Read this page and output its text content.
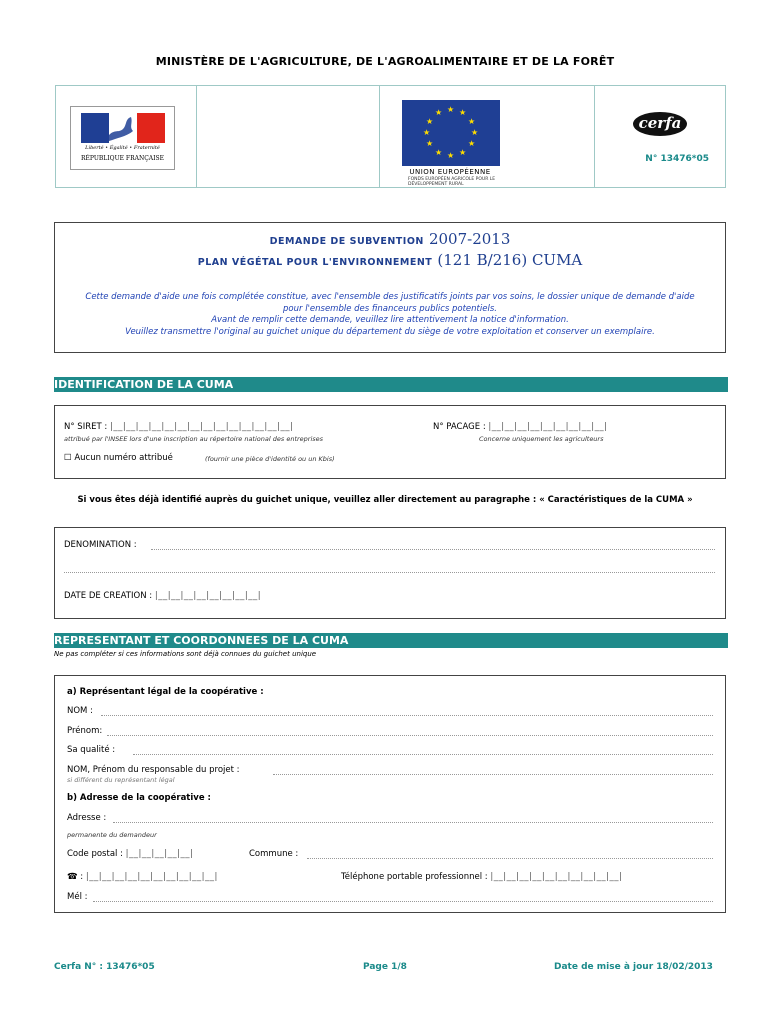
MINISTÈRE DE L'AGRICULTURE, DE L'AGROALIMENTAIRE ET DE LA FORÊT
Liberté • Égalité • Fraternité
RÉPUBLIQUE FRANÇAISE
★ ★
★
★
★
★
★
★
★
★
★
★
UNION EUROPÉENNE
FONDS EUROPÉEN AGRICOLE POUR LE DÉVELOPPEMENT RURAL
cerfa
N° 13476*05
DEMANDE DE SUBVENTION 2007-2013
PLAN VÉGÉTAL POUR L'ENVIRONNEMENT (121 B/216) CUMA
Cette demande d'aide une fois complétée constitue, avec l'ensemble des justificatifs joints par vos soins, le dossier unique de demande d'aide
pour l'ensemble des financeurs publics potentiels.
Avant de remplir cette demande, veuillez lire attentivement la notice d'information.
Veuillez transmettre l'original au guichet unique du département du siège de votre exploitation et conserver un exemplaire.
IDENTIFICATION DE LA CUMA
N° SIRET : |__|__|__|__|__|__|__|__|__|__|__|__|__|__|
attribué par l'INSEE lors d'une inscription au répertoire national des entreprises
N° PACAGE : |__|__|__|__|__|__|__|__|__|
Concerne uniquement les agriculteurs
☐ Aucun numéro attribué	(fournir une pièce d'identité ou un Kbis)
Si vous êtes déjà identifié auprès du guichet unique, veuillez aller directement au paragraphe : « Caractéristiques de la CUMA »
DENOMINATION :
DATE DE CREATION : |__|__|__|__|__|__|__|__|
REPRESENTANT ET COORDONNEES DE LA CUMA
Ne pas compléter si ces informations sont déjà connues du guichet unique
a) Représentant légal de la coopérative :
NOM :
Prénom:
Sa qualité :
NOM, Prénom du responsable du projet :
si différent du représentant légal
b) Adresse de la coopérative :
Adresse :
permanente du demandeur
Code postal : |__|__|__|__|__|	Commune :
☎ : |__|__|__|__|__|__|__|__|__|__|	Téléphone portable professionnel : |__|__|__|__|__|__|__|__|__|__|
Mél :
Cerfa N° : 13476*05	Page 1/8	Date de mise à jour 18/02/2013
